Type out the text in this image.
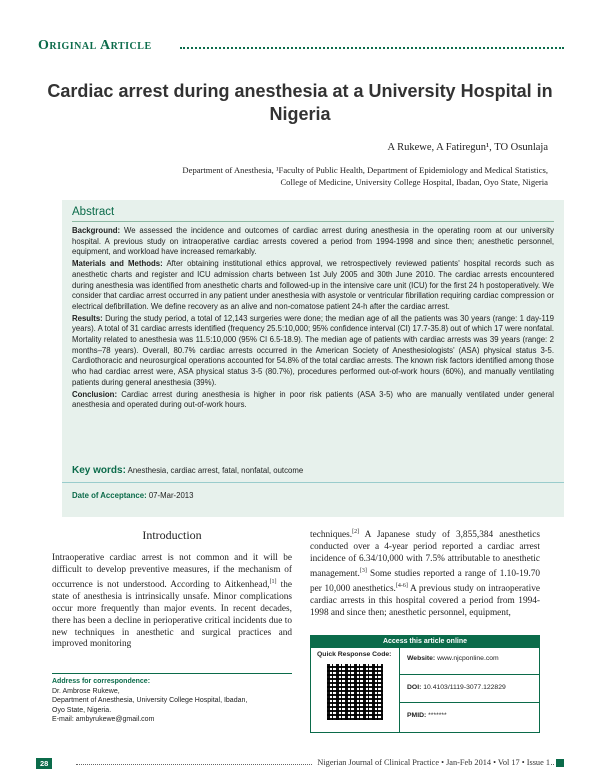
Original Article
Cardiac arrest during anesthesia at a University Hospital in Nigeria
A Rukewe, A Fatiregun¹, TO Osunlaja
Department of Anesthesia, ¹Faculty of Public Health, Department of Epidemiology and Medical Statistics,
College of Medicine, University College Hospital, Ibadan, Oyo State, Nigeria
Abstract

Background: We assessed the incidence and outcomes of cardiac arrest during anesthesia in the operating room at our university hospital. A previous study on intraoperative cardiac arrests covered a period from 1994-1998 and since then; anesthetic personnel, equipment, and workload have increased remarkably.

Materials and Methods: After obtaining institutional ethics approval, we retrospectively reviewed patients' hospital records such as anesthetic charts and register and ICU admission charts between 1st July 2005 and 30th June 2010. The cardiac arrests encountered during anesthesia was identified from anesthetic charts and followed-up in the intensive care unit (ICU) for the first 24 h postoperatively. We consider that cardiac arrest occurred in any patient under anesthesia with asystole or ventricular fibrillation requiring cardiac compression or electrical defibrillation. We define recovery as an alive and non-comatose patient 24-h after the cardiac arrest.

Results: During the study period, a total of 12,143 surgeries were done; the median age of all the patients was 30 years (range: 1 day-119 years). A total of 31 cardiac arrests identified (frequency 25.5:10,000; 95% confidence interval (CI) 17.7-35.8) out of which 17 were nonfatal. Mortality related to anesthesia was 11.5:10,000 (95% CI 6.5-18.9). The median age of patients with cardiac arrests was 39 years (range: 2 months–78 years). Overall, 80.7% cardiac arrests occurred in the American Society of Anesthesiologists' (ASA) physical status 3-5. Cardiothoracic and neurosurgical operations accounted for 54.8% of the total cardiac arrests. The known risk factors identified among those who had cardiac arrest were, ASA physical status 3-5 (80.7%), procedures performed out-of-work hours (60%), and manually ventilating patients during general anesthesia (39%).

Conclusion: Cardiac arrest during anesthesia is higher in poor risk patients (ASA 3-5) who are manually ventilated under general anesthesia and operated during out-of-work hours.

Key words: Anesthesia, cardiac arrest, fatal, nonfatal, outcome
Date of Acceptance: 07-Mar-2013
Introduction

Intraoperative cardiac arrest is not common and it will be difficult to develop preventive measures, if the mechanism of occurrence is not understood. According to Aitkenhead,[1] the state of anesthesia is intrinsically unsafe. Minor complications occur more frequently than major events. In recent decades, there has been a decline in perioperative critical incidents due to new techniques in anesthetic and surgical practices and improved monitoring

techniques.[2] A Japanese study of 3,855,384 anesthetics conducted over a 4-year period reported a cardiac arrest incidence of 6.34/10,000 with 7.5% attributable to anesthetic management.[3] Some studies reported a range of 1.10-19.70 per 10,000 anesthetics.[4-6] A previous study on intraoperative cardiac arrests in this hospital covered a period from 1994-1998 and since then; anesthetic personnel, equipment,

Access this article online
Quick Response Code:
Website: www.njcponline.com
DOI: 10.4103/1119-3077.122829
PMID: *******
Address for correspondence:
Dr. Ambrose Rukewe,
Department of Anesthesia, University College Hospital, Ibadan,
Oyo State, Nigeria.
E-mail: ambyrukewe@gmail.com
28	Nigerian Journal of Clinical Practice • Jan-Feb 2014 • Vol 17 • Issue 1
